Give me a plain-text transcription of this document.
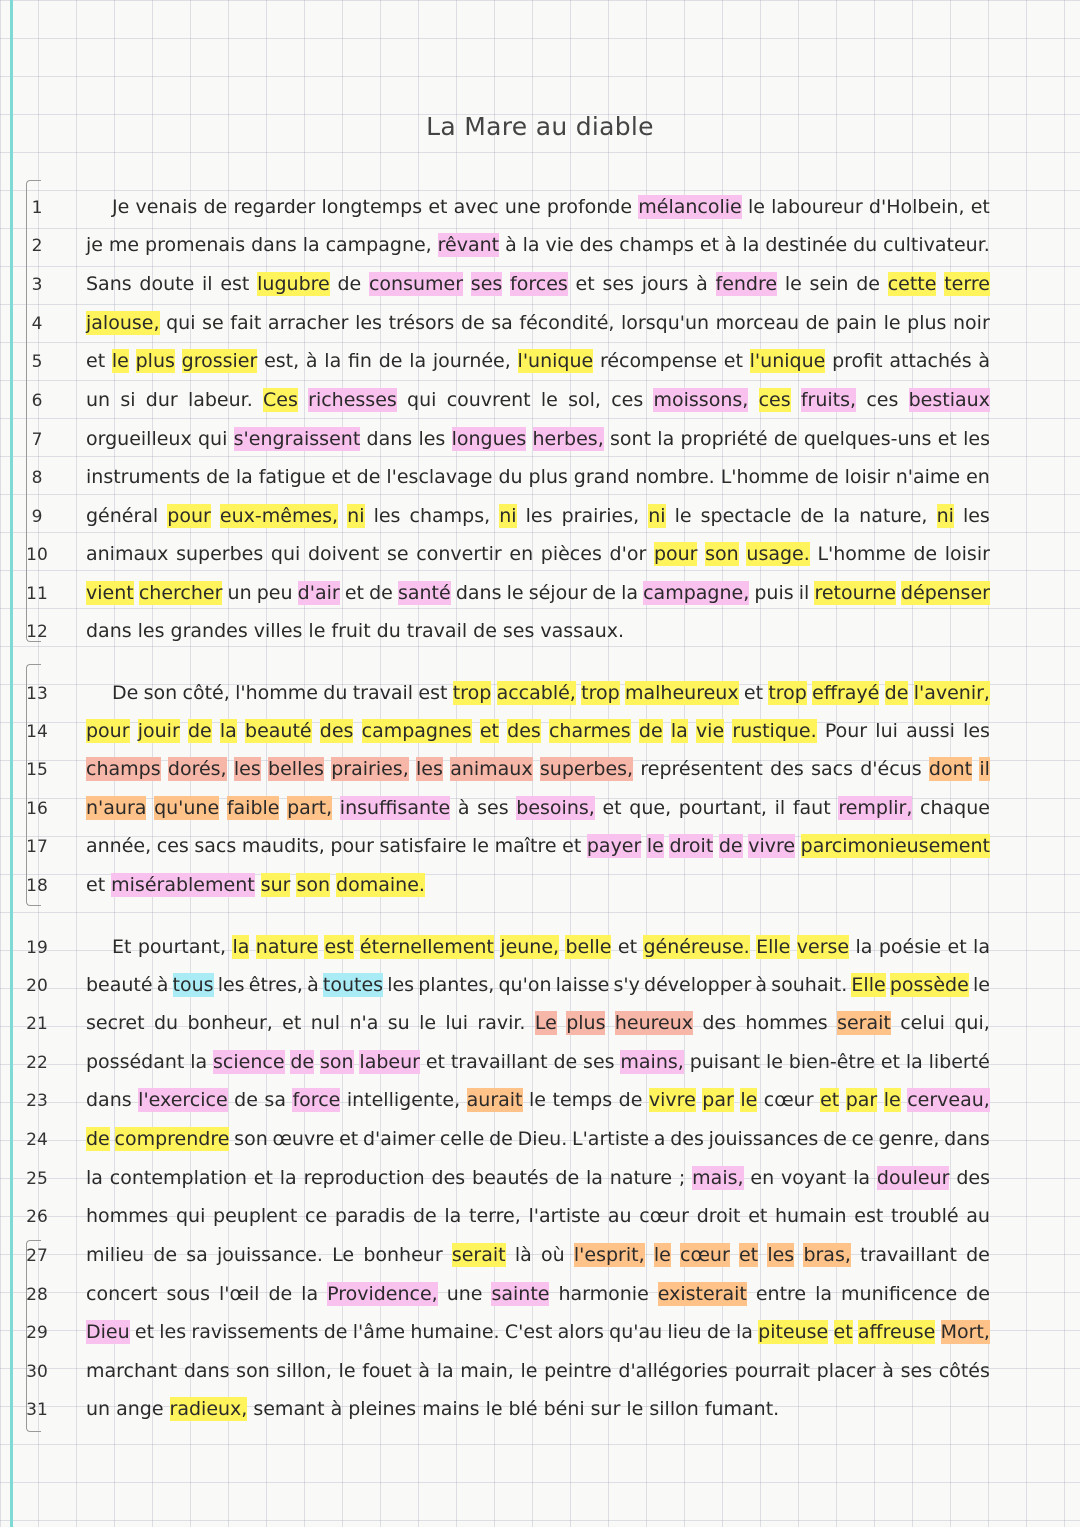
La Mare au diable
1	Je venais de regarder longtemps et avec une profonde mélancolie le laboureur d'Holbein, et
2	je me promenais dans la campagne, rêvant à la vie des champs et à la destinée du cultivateur.
3	Sans doute il est lugubre de consumer ses forces et ses jours à fendre le sein de cette terre
4	jalouse, qui se fait arracher les trésors de sa fécondité, lorsqu'un morceau de pain le plus noir
5	et le plus grossier est, à la fin de la journée, l'unique récompense et l'unique profit attachés à
6	un si dur labeur. Ces richesses qui couvrent le sol, ces moissons, ces fruits, ces bestiaux
7	orgueilleux qui s'engraissent dans les longues herbes, sont la propriété de quelques-uns et les
8	instruments de la fatigue et de l'esclavage du plus grand nombre. L'homme de loisir n'aime en
9	général pour eux-mêmes, ni les champs, ni les prairies, ni le spectacle de la nature, ni les
10	animaux superbes qui doivent se convertir en pièces d'or pour son usage. L'homme de loisir
11	vient chercher un peu d'air et de santé dans le séjour de la campagne, puis il retourne dépenser
12	dans les grandes villes le fruit du travail de ses vassaux.
13	De son côté, l'homme du travail est trop accablé, trop malheureux et trop effrayé de l'avenir,
14	pour jouir de la beauté des campagnes et des charmes de la vie rustique. Pour lui aussi les
15	champs dorés, les belles prairies, les animaux superbes, représentent des sacs d'écus dont il
16	n'aura qu'une faible part, insuffisante à ses besoins, et que, pourtant, il faut remplir, chaque
17	année, ces sacs maudits, pour satisfaire le maître et payer le droit de vivre parcimonieusement
18	et misérablement sur son domaine.
19	Et pourtant, la nature est éternellement jeune, belle et généreuse. Elle verse la poésie et la
20	beauté à tous les êtres, à toutes les plantes, qu'on laisse s'y développer à souhait. Elle possède le
21	secret du bonheur, et nul n'a su le lui ravir. Le plus heureux des hommes serait celui qui,
22	possédant la science de son labeur et travaillant de ses mains, puisant le bien-être et la liberté
23	dans l'exercice de sa force intelligente, aurait le temps de vivre par le cœur et par le cerveau,
24	de comprendre son œuvre et d'aimer celle de Dieu. L'artiste a des jouissances de ce genre, dans
25	la contemplation et la reproduction des beautés de la nature ; mais, en voyant la douleur des
26	hommes qui peuplent ce paradis de la terre, l'artiste au cœur droit et humain est troublé au
27	milieu de sa jouissance. Le bonheur serait là où l'esprit, le cœur et les bras, travaillant de
28	concert sous l'œil de la Providence, une sainte harmonie existerait entre la munificence de
29	Dieu et les ravissements de l'âme humaine. C'est alors qu'au lieu de la piteuse et affreuse Mort,
30	marchant dans son sillon, le fouet à la main, le peintre d'allégories pourrait placer à ses côtés
31	un ange radieux, semant à pleines mains le blé béni sur le sillon fumant.
